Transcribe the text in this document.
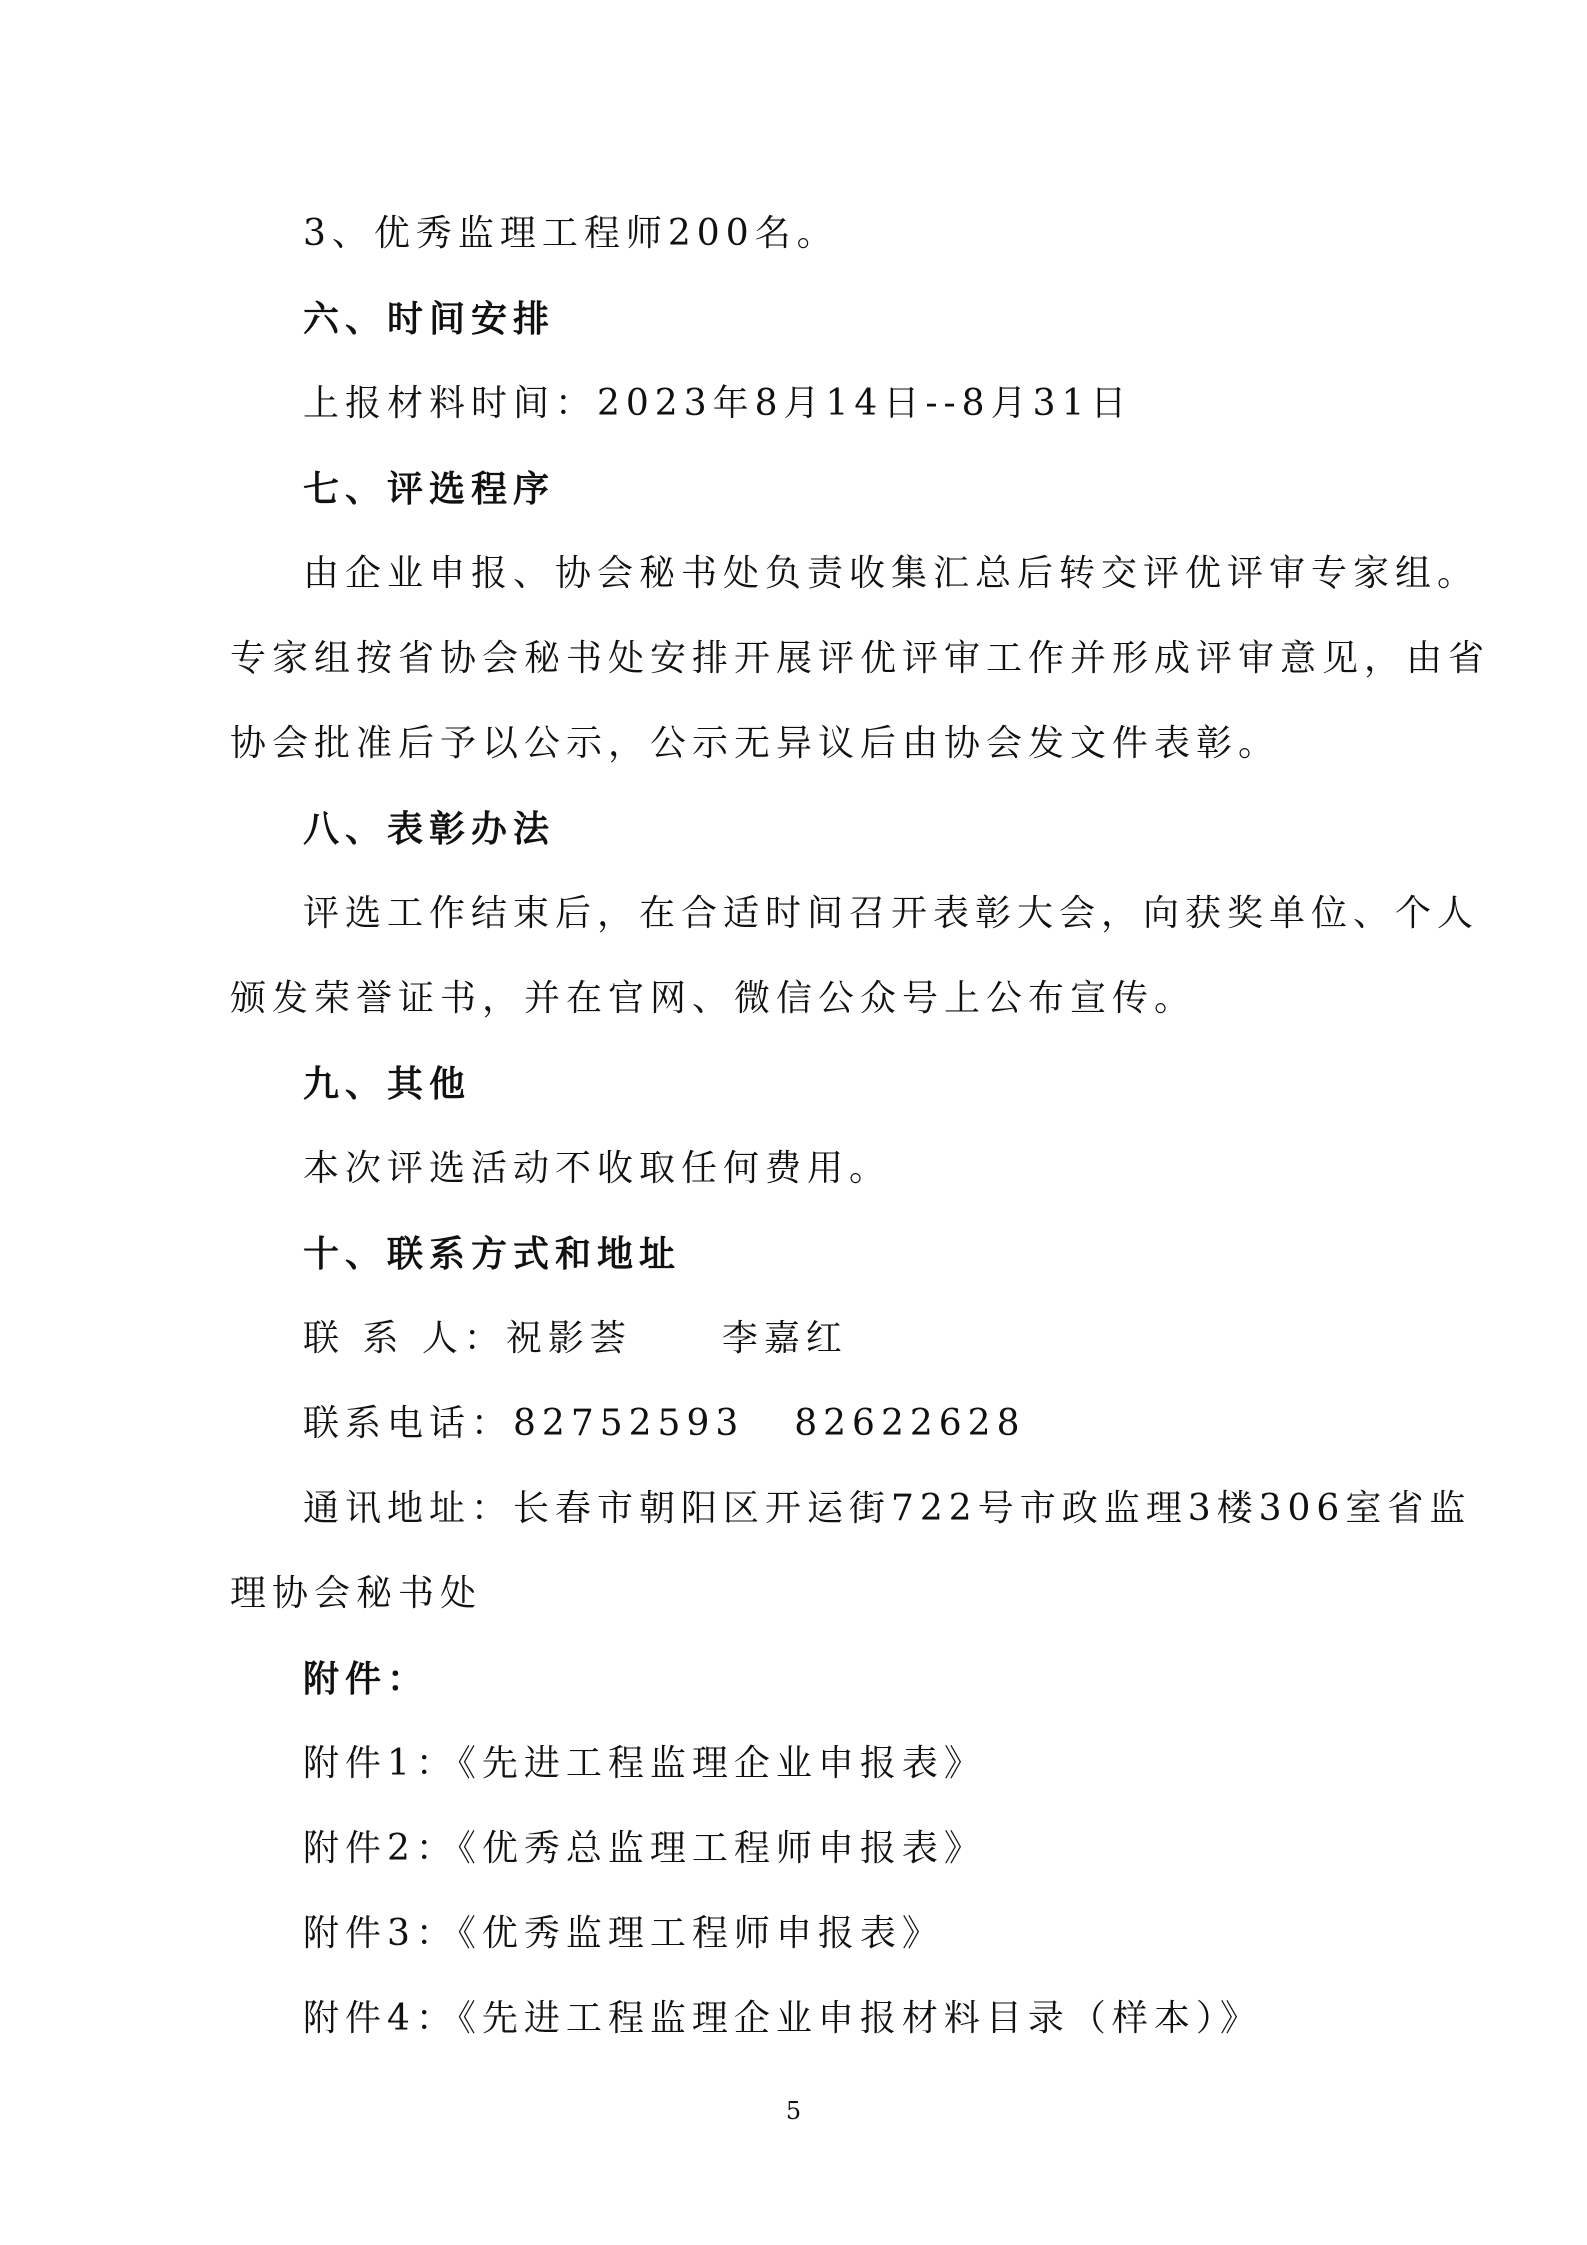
3、优秀监理工程师200名。
六、时间安排
上报材料时间：2023年8月14日--8月31日
七、评选程序
由企业申报、协会秘书处负责收集汇总后转交评优评审专家组。
专家组按省协会秘书处安排开展评优评审工作并形成评审意见，由省
协会批准后予以公示，公示无异议后由协会发文件表彰。
八、表彰办法
评选工作结束后，在合适时间召开表彰大会，向获奖单位、个人
颁发荣誉证书，并在官网、微信公众号上公布宣传。
九、其他
本次评选活动不收取任何费用。
十、联系方式和地址
联 系 人：祝影荟	李嘉红
联系电话：82752593 82622628
通讯地址：长春市朝阳区开运街722号市政监理3楼306室省监
理协会秘书处
附件：
附件1：《先进工程监理企业申报表》
附件2：《优秀总监理工程师申报表》
附件3：《优秀监理工程师申报表》
附件4：《先进工程监理企业申报材料目录（样本）》
5
